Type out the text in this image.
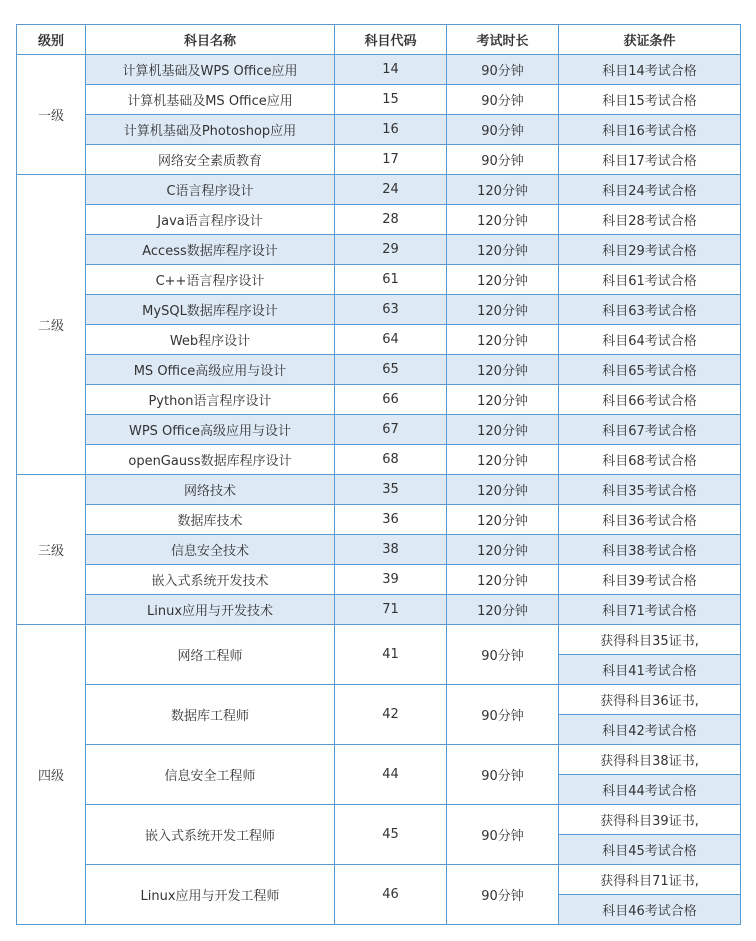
级别	科目名称	科目代码	考试时长	获证条件
一级	计算机基础及WPS Office应用	14	90分钟	科目14考试合格
	计算机基础及MS Office应用	15	90分钟	科目15考试合格
	计算机基础及Photoshop应用	16	90分钟	科目16考试合格
	网络安全素质教育	17	90分钟	科目17考试合格
二级	C语言程序设计	24	120分钟	科目24考试合格
	Java语言程序设计	28	120分钟	科目28考试合格
	Access数据库程序设计	29	120分钟	科目29考试合格
	C++语言程序设计	61	120分钟	科目61考试合格
	MySQL数据库程序设计	63	120分钟	科目63考试合格
	Web程序设计	64	120分钟	科目64考试合格
	MS Office高级应用与设计	65	120分钟	科目65考试合格
	Python语言程序设计	66	120分钟	科目66考试合格
	WPS Office高级应用与设计	67	120分钟	科目67考试合格
	openGauss数据库程序设计	68	120分钟	科目68考试合格
三级	网络技术	35	120分钟	科目35考试合格
	数据库技术	36	120分钟	科目36考试合格
	信息安全技术	38	120分钟	科目38考试合格
	嵌入式系统开发技术	39	120分钟	科目39考试合格
	Linux应用与开发技术	71	120分钟	科目71考试合格
四级	网络工程师	41	90分钟	获得科目35证书,
				科目41考试合格
	数据库工程师	42	90分钟	获得科目36证书,
				科目42考试合格
	信息安全工程师	44	90分钟	获得科目38证书,
				科目44考试合格
	嵌入式系统开发工程师	45	90分钟	获得科目39证书,
				科目45考试合格
	Linux应用与开发工程师	46	90分钟	获得科目71证书,
				科目46考试合格
